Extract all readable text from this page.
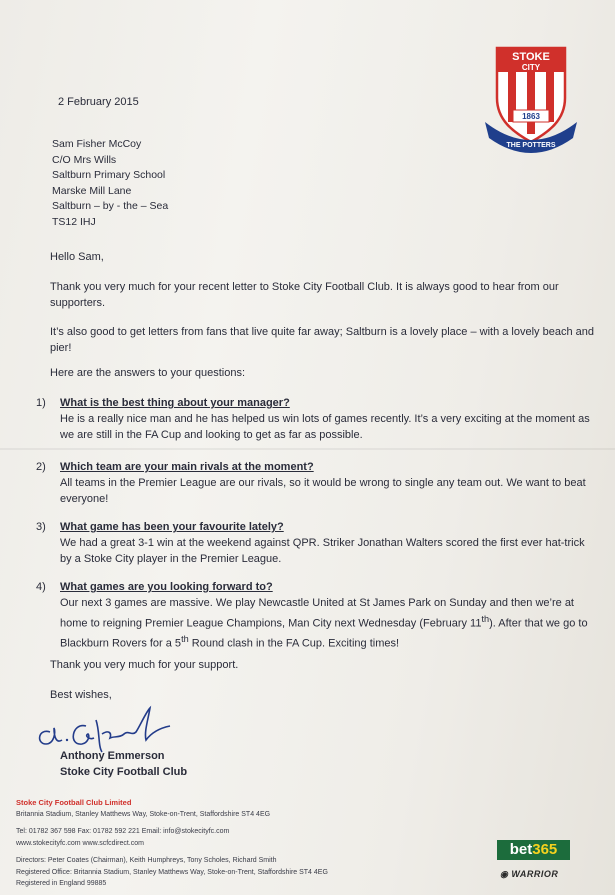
STOKE
CITY
1863
THE POTTERS
2 February 2015
Sam Fisher McCoy
C/O Mrs Wills
Saltburn Primary School
Marske Mill Lane
Saltburn – by - the – Sea
TS12 IHJ
Hello Sam,
Thank you very much for your recent letter to Stoke City Football Club. It is always good to hear from our supporters.
It’s also good to get letters from fans that live quite far away; Saltburn is a lovely place – with a lovely beach and pier!
Here are the answers to your questions:
1) What is the best thing about your manager?
He is a really nice man and he has helped us win lots of games recently. It’s a very exciting at the moment as we are still in the FA Cup and looking to get as far as possible.
2) Which team are your main rivals at the moment?
All teams in the Premier League are our rivals, so it would be wrong to single any team out. We want to beat everyone!
3) What game has been your favourite lately?
We had a great 3-1 win at the weekend against QPR. Striker Jonathan Walters scored the first ever hat-trick by a Stoke City player in the Premier League.
4) What games are you looking forward to?
Our next 3 games are massive. We play Newcastle United at St James Park on Sunday and then we’re at home to reigning Premier League Champions, Man City next Wednesday (February 11th). After that we go to Blackburn Rovers for a 5th Round clash in the FA Cup. Exciting times!
Thank you very much for your support.
Best wishes,
Anthony Emmerson
Stoke City Football Club
Stoke City Football Club Limited
Britannia Stadium, Stanley Matthews Way, Stoke-on-Trent, Staffordshire ST4 4EG
Tel: 01782 367 598 Fax: 01782 592 221 Email: info@stokecityfc.com
www.stokecityfc.com www.scfcdirect.com
Directors: Peter Coates (Chairman), Keith Humphreys, Tony Scholes, Richard Smith
Registered Office: Britannia Stadium, Stanley Matthews Way, Stoke-on-Trent, Staffordshire ST4 4EG
Registered in England 99885
bet365
◉ WARRIOR
